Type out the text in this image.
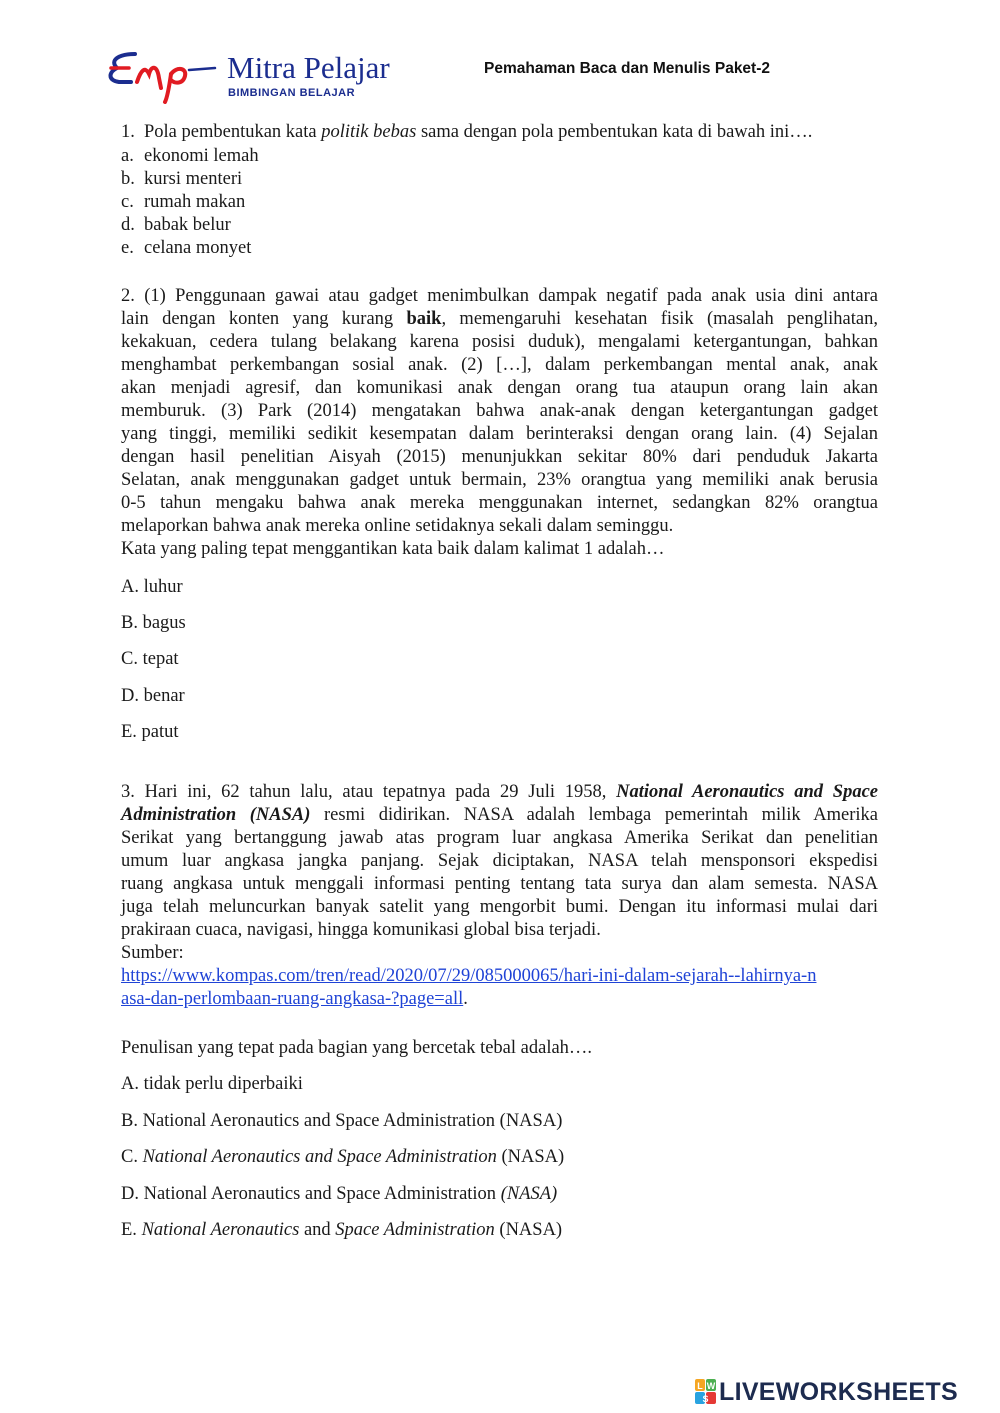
Mitra Pelajar
BIMBINGAN BELAJAR
Pemahaman Baca dan Menulis Paket-2
1. Pola pembentukan kata politik bebas sama dengan pola pembentukan kata di bawah ini….
a. ekonomi lemah
b. kursi menteri
c. rumah makan
d. babak belur
e. celana monyet
2. (1) Penggunaan gawai atau gadget menimbulkan dampak negatif pada anak usia dini antara
lain dengan konten yang kurang baik, memengaruhi kesehatan fisik (masalah penglihatan,
kekakuan, cedera tulang belakang karena posisi duduk), mengalami ketergantungan, bahkan
menghambat perkembangan sosial anak. (2) […], dalam perkembangan mental anak, anak
akan menjadi agresif, dan komunikasi anak dengan orang tua ataupun orang lain akan
memburuk. (3) Park (2014) mengatakan bahwa anak-anak dengan ketergantungan gadget
yang tinggi, memiliki sedikit kesempatan dalam berinteraksi dengan orang lain. (4) Sejalan
dengan hasil penelitian Aisyah (2015) menunjukkan sekitar 80% dari penduduk Jakarta
Selatan, anak menggunakan gadget untuk bermain, 23% orangtua yang memiliki anak berusia
0-5 tahun mengaku bahwa anak mereka menggunakan internet, sedangkan 82% orangtua
melaporkan bahwa anak mereka online setidaknya sekali dalam seminggu.
Kata yang paling tepat menggantikan kata baik dalam kalimat 1 adalah…
A. luhur
B. bagus
C. tepat
D. benar
E. patut
3. Hari ini, 62 tahun lalu, atau tepatnya pada 29 Juli 1958, National Aeronautics and Space
Administration (NASA) resmi didirikan. NASA adalah lembaga pemerintah milik Amerika
Serikat yang bertanggung jawab atas program luar angkasa Amerika Serikat dan penelitian
umum luar angkasa jangka panjang. Sejak diciptakan, NASA telah mensponsori ekspedisi
ruang angkasa untuk menggali informasi penting tentang tata surya dan alam semesta. NASA
juga telah meluncurkan banyak satelit yang mengorbit bumi. Dengan itu informasi mulai dari
prakiraan cuaca, navigasi, hingga komunikasi global bisa terjadi.
Sumber:
https://www.kompas.com/tren/read/2020/07/29/085000065/hari-ini-dalam-sejarah--lahirnya-n
asa-dan-perlombaan-ruang-angkasa-?page=all.
Penulisan yang tepat pada bagian yang bercetak tebal adalah….
A. tidak perlu diperbaiki
B. National Aeronautics and Space Administration (NASA)
C. National Aeronautics and Space Administration (NASA)
D. National Aeronautics and Space Administration (NASA)
E. National Aeronautics and Space Administration (NASA)
L W
S LIVEWORKSHEETS
